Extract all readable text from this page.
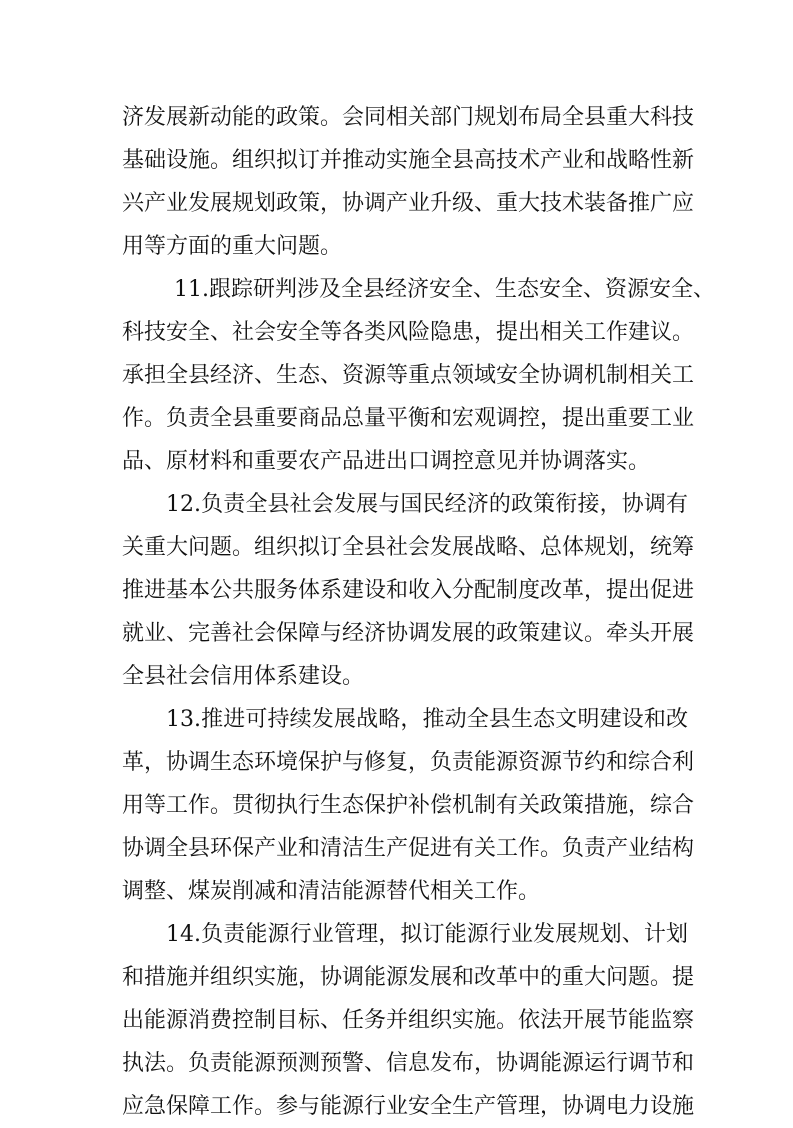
济发展新动能的政策。会同相关部门规划布局全县重大科技
基础设施。组织拟订并推动实施全县高技术产业和战略性新
兴产业发展规划政策，协调产业升级、重大技术装备推广应
用等方面的重大问题。
11.跟踪研判涉及全县经济安全、生态安全、资源安全、
科技安全、社会安全等各类风险隐患，提出相关工作建议。
承担全县经济、生态、资源等重点领域安全协调机制相关工
作。负责全县重要商品总量平衡和宏观调控，提出重要工业
品、原材料和重要农产品进出口调控意见并协调落实。
12.负责全县社会发展与国民经济的政策衔接，协调有
关重大问题。组织拟订全县社会发展战略、总体规划，统筹
推进基本公共服务体系建设和收入分配制度改革，提出促进
就业、完善社会保障与经济协调发展的政策建议。牵头开展
全县社会信用体系建设。
13.推进可持续发展战略，推动全县生态文明建设和改
革，协调生态环境保护与修复，负责能源资源节约和综合利
用等工作。贯彻执行生态保护补偿机制有关政策措施，综合
协调全县环保产业和清洁生产促进有关工作。负责产业结构
调整、煤炭削减和清洁能源替代相关工作。
14.负责能源行业管理，拟订能源行业发展规划、计划
和措施并组织实施，协调能源发展和改革中的重大问题。提
出能源消费控制目标、任务并组织实施。依法开展节能监察
执法。负责能源预测预警、信息发布，协调能源运行调节和
应急保障工作。参与能源行业安全生产管理，协调电力设施
